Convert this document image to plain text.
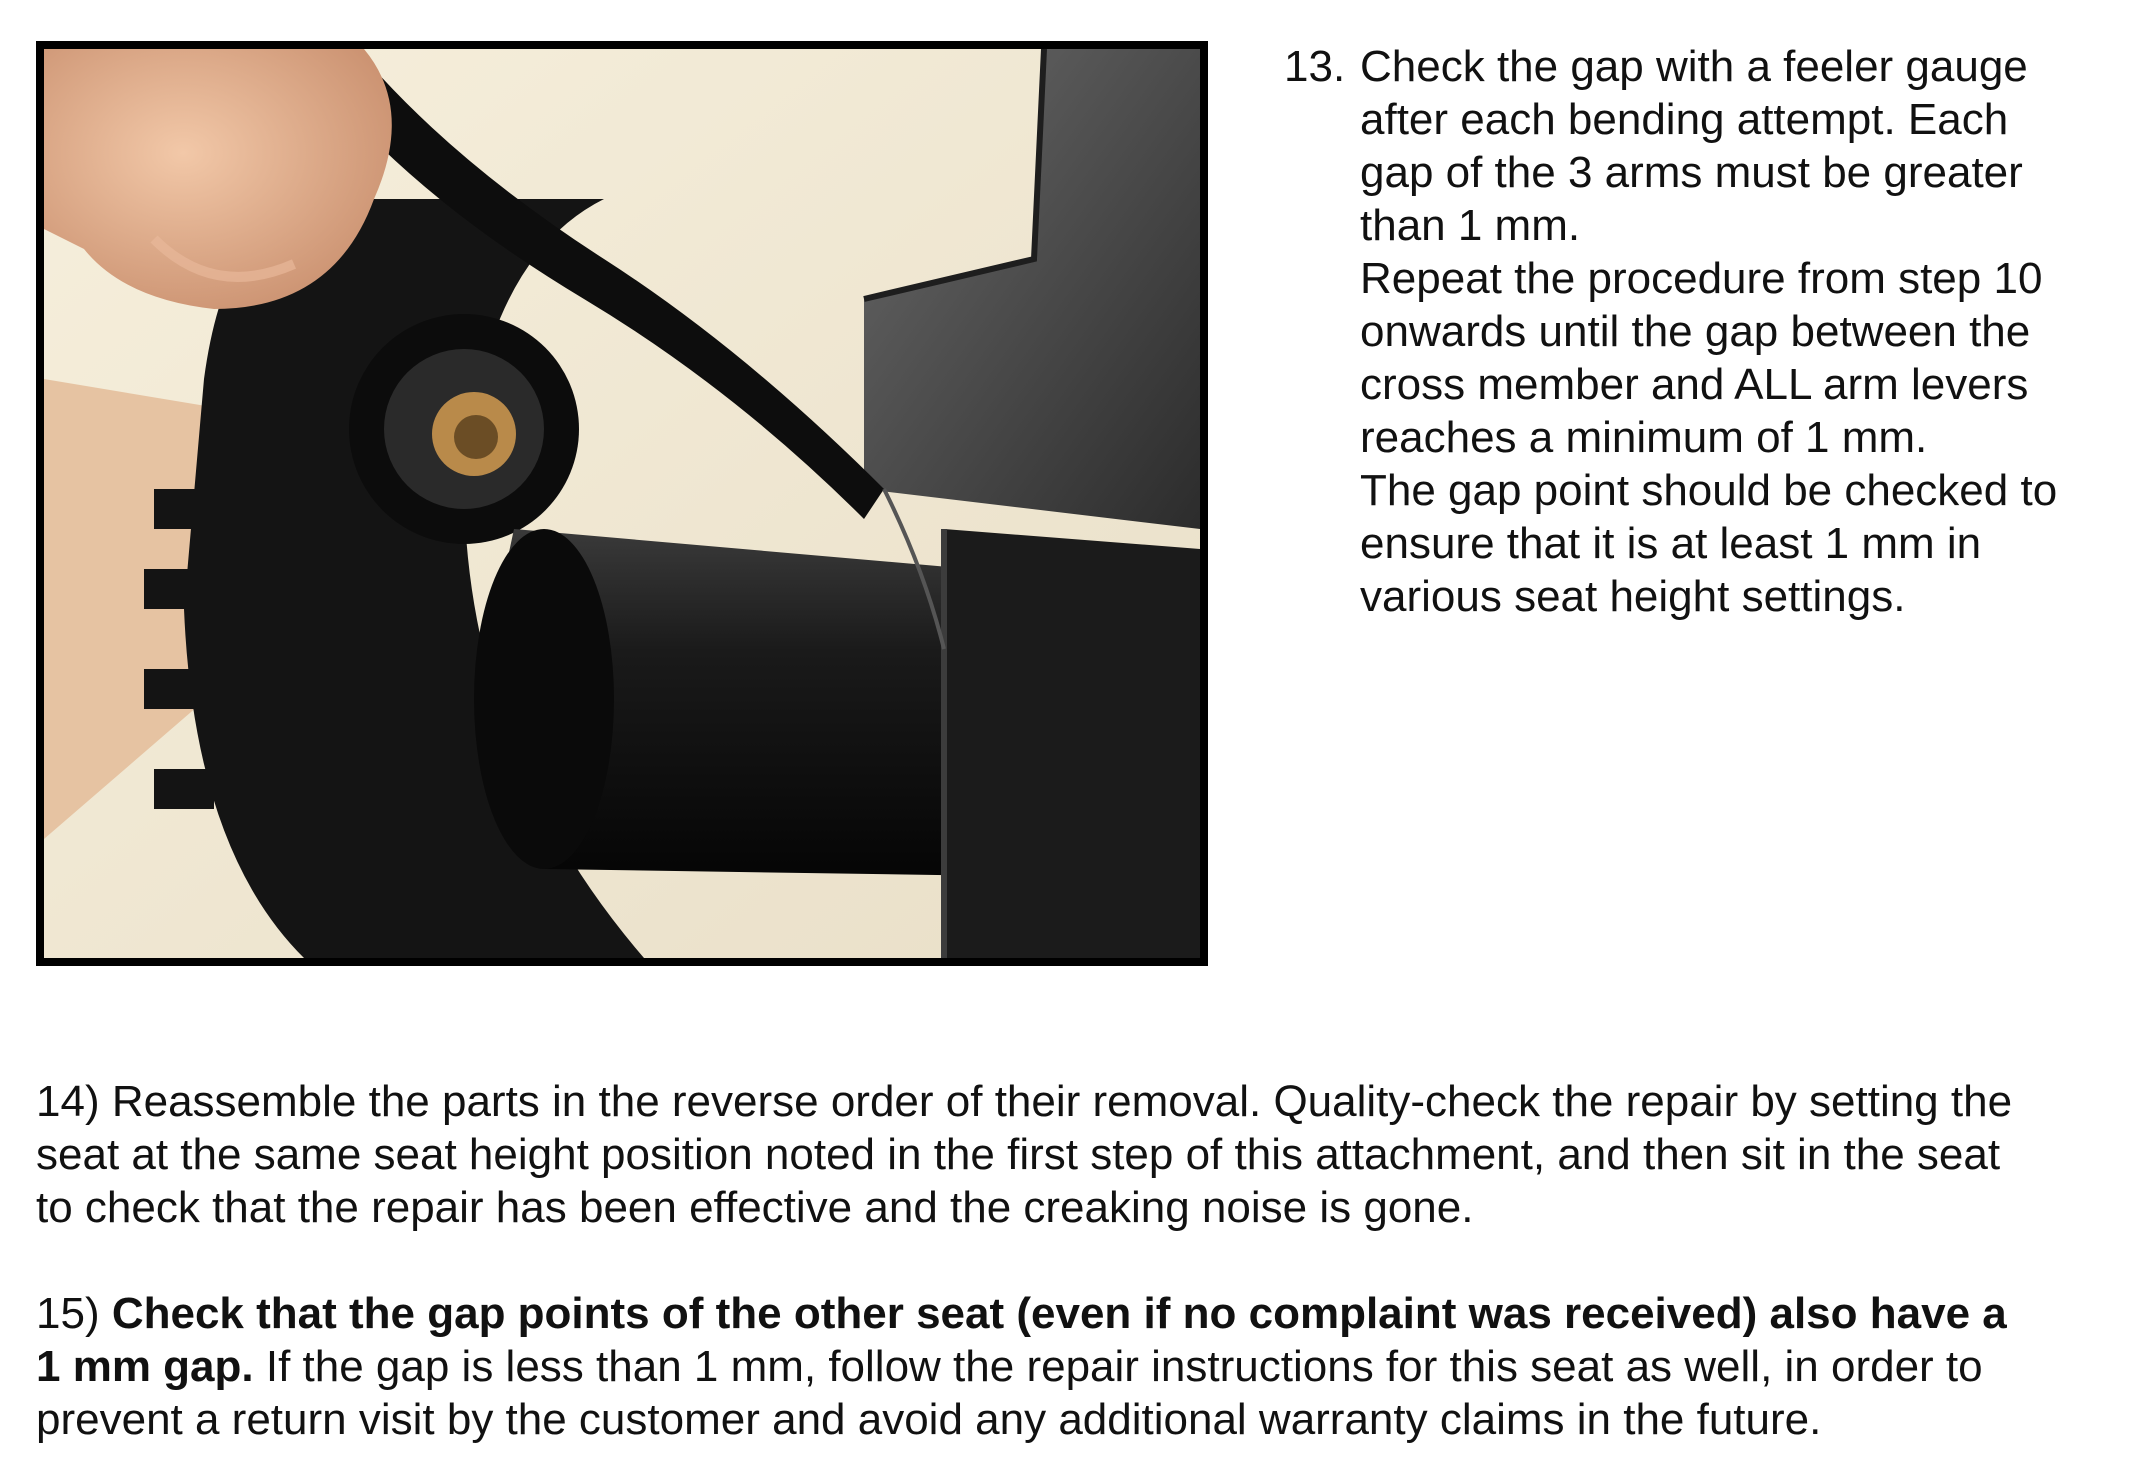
13. Check the gap with a feeler gauge
after each bending attempt. Each
gap of the 3 arms must be greater
than 1 mm.
Repeat the procedure from step 10
onwards until the gap between the
cross member and ALL arm levers
reaches a minimum of 1 mm.
The gap point should be checked to
ensure that it is at least 1 mm in
various seat height settings.
14) Reassemble the parts in the reverse order of their removal. Quality-check the repair by setting the
seat at the same seat height position noted in the first step of this attachment, and then sit in the seat
to check that the repair has been effective and the creaking noise is gone.
15) Check that the gap points of the other seat (even if no complaint was received) also have a
1 mm gap. If the gap is less than 1 mm, follow the repair instructions for this seat as well, in order to
prevent a return visit by the customer and avoid any additional warranty claims in the future.
